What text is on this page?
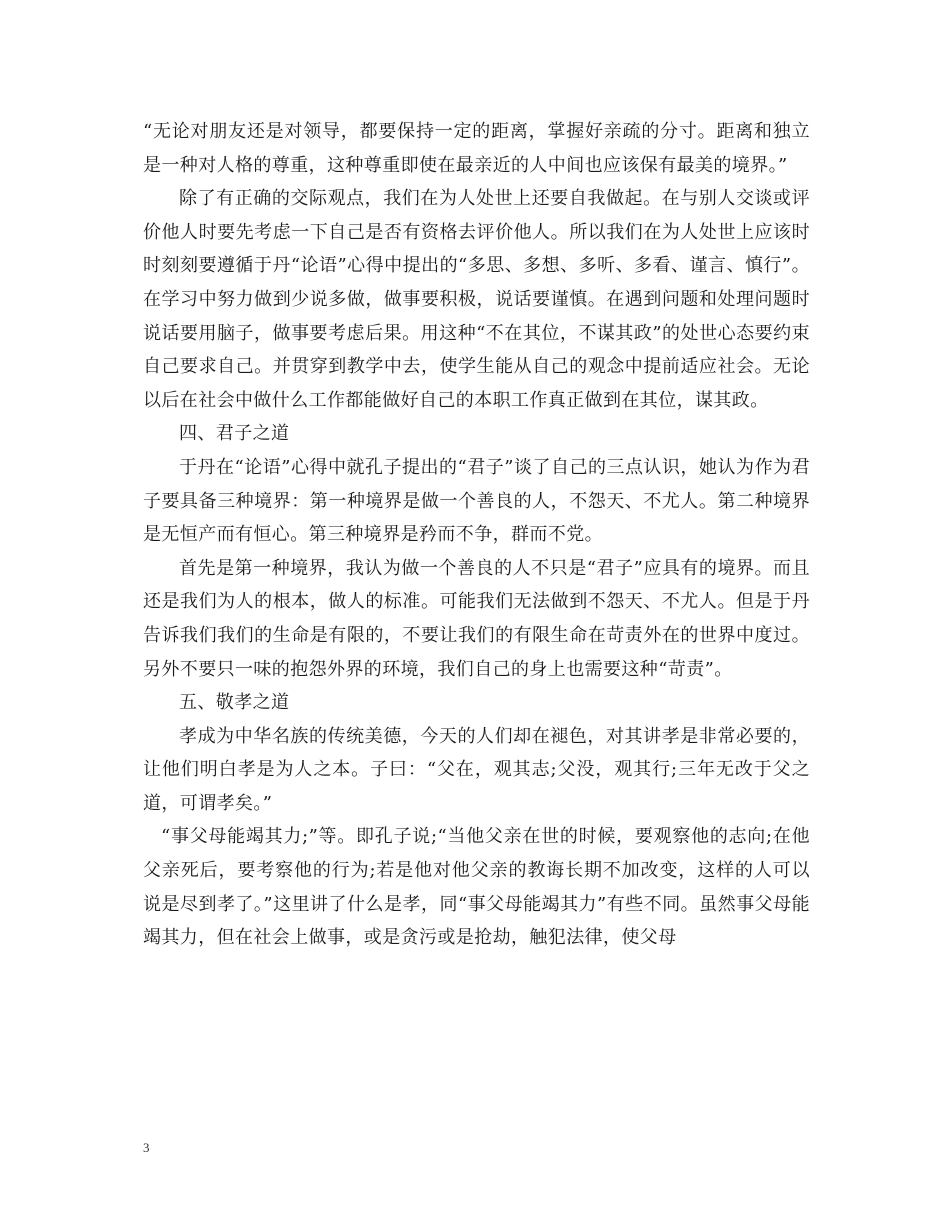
“无论对朋友还是对领导，都要保持一定的距离，掌握好亲疏的分寸。距离和独立是一种对人格的尊重，这种尊重即使在最亲近的人中间也应该保有最美的境界。”

除了有正确的交际观点，我们在为人处世上还要自我做起。在与别人交谈或评价他人时要先考虑一下自己是否有资格去评价他人。所以我们在为人处世上应该时时刻刻要遵循于丹“论语”心得中提出的“多思、多想、多听、多看、谨言、慎行”。在学习中努力做到少说多做，做事要积极，说话要谨慎。在遇到问题和处理问题时说话要用脑子，做事要考虑后果。用这种“不在其位，不谋其政”的处世心态要约束自己要求自己。并贯穿到教学中去，使学生能从自己的观念中提前适应社会。无论以后在社会中做什么工作都能做好自己的本职工作真正做到在其位，谋其政。

四、君子之道

于丹在“论语”心得中就孔子提出的“君子”谈了自己的三点认识，她认为作为君子要具备三种境界：第一种境界是做一个善良的人，不怨天、不尤人。第二种境界是无恒产而有恒心。第三种境界是矜而不争，群而不党。

首先是第一种境界，我认为做一个善良的人不只是“君子”应具有的境界。而且还是我们为人的根本，做人的标准。可能我们无法做到不怨天、不尤人。但是于丹告诉我们我们的生命是有限的，不要让我们的有限生命在苛责外在的世界中度过。另外不要只一味的抱怨外界的环境，我们自己的身上也需要这种“苛责”。

五、敬孝之道

孝成为中华名族的传统美德，今天的人们却在褪色，对其讲孝是非常必要的，让他们明白孝是为人之本。子曰：“父在，观其志;父没，观其行;三年无改于父之道，可谓孝矣。”

“事父母能竭其力;”等。即孔子说;“当他父亲在世的时候，要观察他的志向;在他父亲死后，要考察他的行为;若是他对他父亲的教诲长期不加改变，这样的人可以说是尽到孝了。”这里讲了什么是孝，同“事父母能竭其力”有些不同。虽然事父母能竭其力，但在社会上做事，或是贪污或是抢劫，触犯法律，使父母

3
